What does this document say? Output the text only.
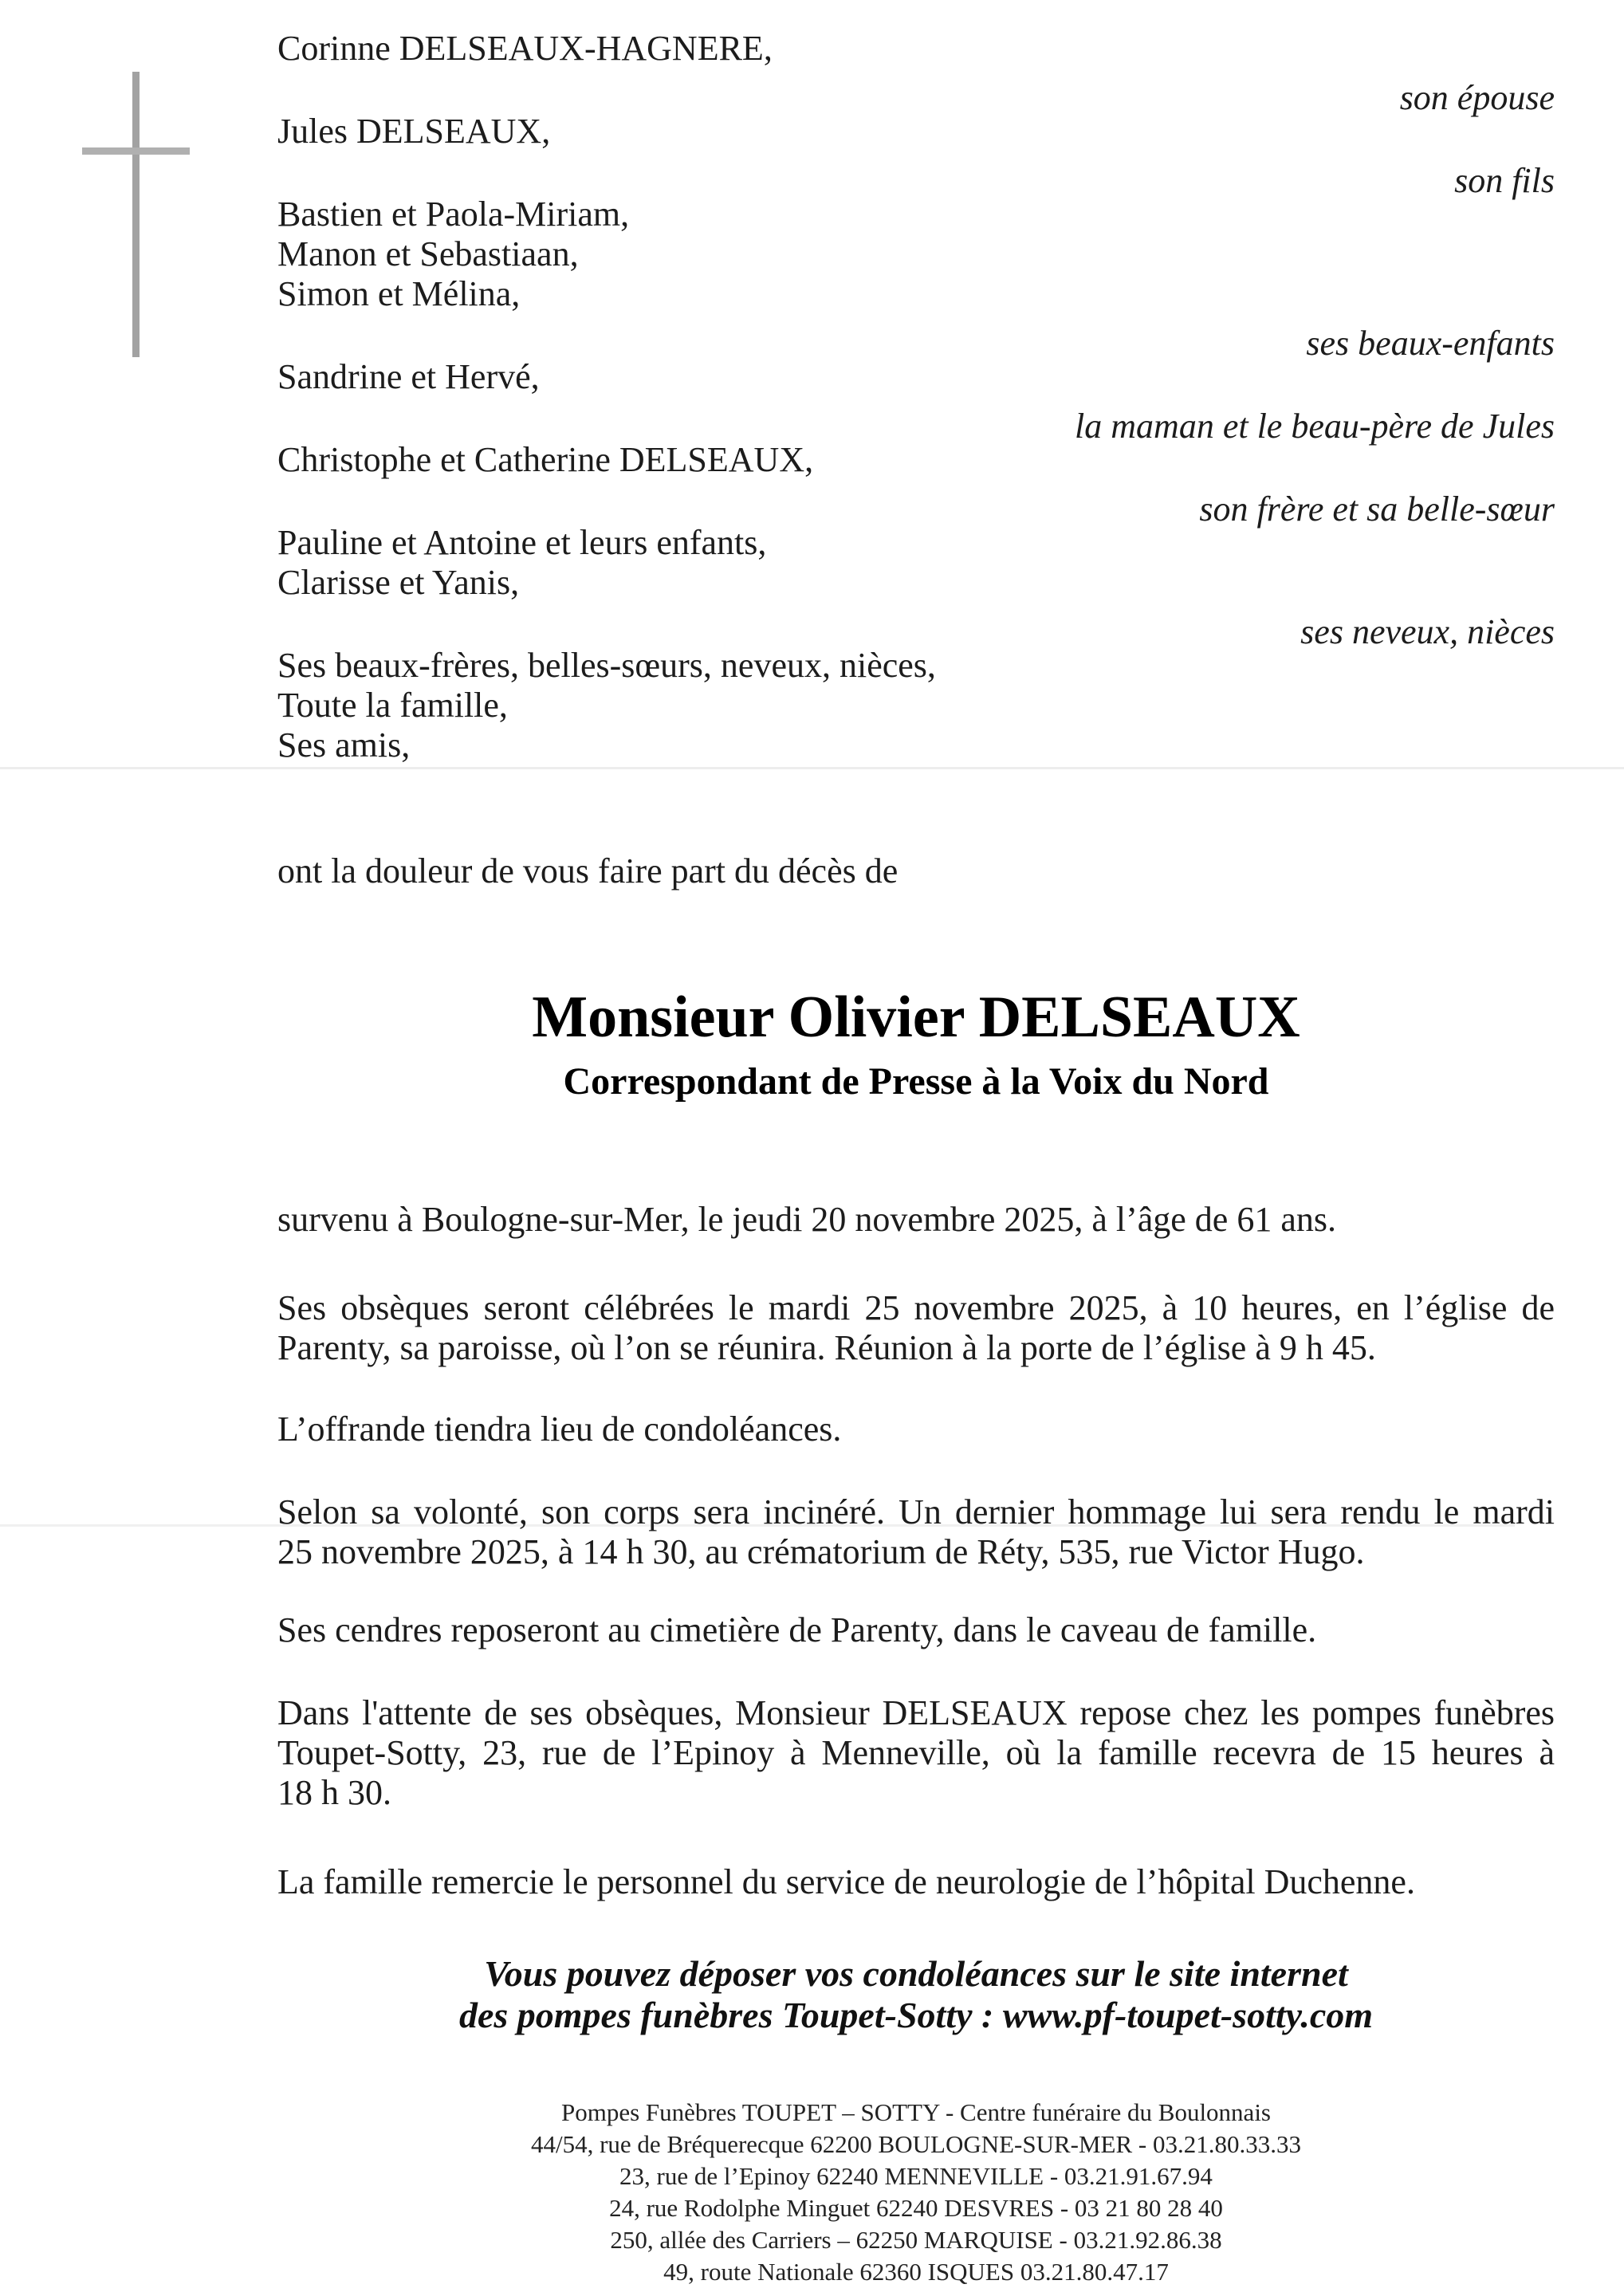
Corinne DELSEAUX-HAGNERE,
son épouse
Jules DELSEAUX,
son fils
Bastien et Paola-Miriam,
Manon et Sebastiaan,
Simon et Mélina,
ses beaux-enfants
Sandrine et Hervé,
la maman et le beau-père de Jules
Christophe et Catherine DELSEAUX,
son frère et sa belle-sœur
Pauline et Antoine et leurs enfants,
Clarisse et Yanis,
ses neveux, nièces
Ses beaux-frères, belles-sœurs, neveux, nièces,
Toute la famille,
Ses amis,
ont la douleur de vous faire part du décès de
Monsieur Olivier DELSEAUX
Correspondant de Presse à la Voix du Nord
survenu à Boulogne-sur-Mer, le jeudi 20 novembre 2025, à l’âge de 61 ans.
Ses obsèques seront célébrées le mardi 25 novembre 2025, à 10 heures, en l’église de
Parenty, sa paroisse, où l’on se réunira. Réunion à la porte de l’église à 9 h 45.
L’offrande tiendra lieu de condoléances.
Selon sa volonté, son corps sera incinéré. Un dernier hommage lui sera rendu le mardi
25 novembre 2025, à 14 h 30, au crématorium de Réty, 535, rue Victor Hugo.
Ses cendres reposeront au cimetière de Parenty, dans le caveau de famille.
Dans l'attente de ses obsèques, Monsieur DELSEAUX repose chez les pompes funèbres
Toupet-Sotty, 23, rue de l’Epinoy à Menneville, où la famille recevra de 15 heures à
18 h 30.
La famille remercie le personnel du service de neurologie de l’hôpital Duchenne.
Vous pouvez déposer vos condoléances sur le site internet
des pompes funèbres Toupet-Sotty : www.pf-toupet-sotty.com
Pompes Funèbres TOUPET – SOTTY - Centre funéraire du Boulonnais
44/54, rue de Bréquerecque 62200 BOULOGNE-SUR-MER - 03.21.80.33.33
23, rue de l’Epinoy 62240 MENNEVILLE - 03.21.91.67.94
24, rue Rodolphe Minguet 62240 DESVRES - 03 21 80 28 40
250, allée des Carriers – 62250 MARQUISE - 03.21.92.86.38
49, route Nationale 62360 ISQUES 03.21.80.47.17
